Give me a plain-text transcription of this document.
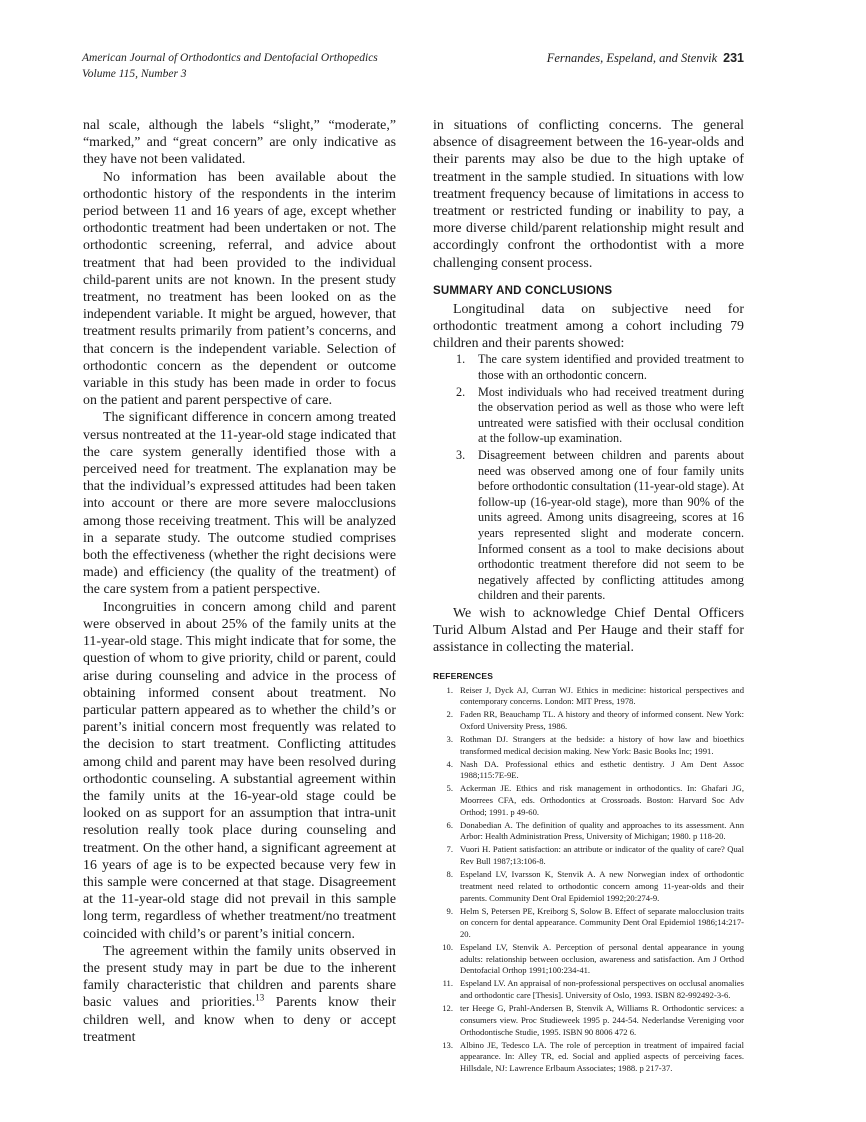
American Journal of Orthodontics and Dentofacial Orthopedics
Volume 115, Number 3
Fernandes, Espeland, and Stenvik 231

nal scale, although the labels “slight,” “moderate,” “marked,” and “great concern” are only indicative as they have not been validated.

No information has been available about the orthodontic history of the respondents in the interim period between 11 and 16 years of age, except whether orthodontic treatment had been undertaken or not. The orthodontic screening, referral, and advice about treatment that had been provided to the individual child-parent units are not known. In the present study treatment, no treatment has been looked on as the independent variable. It might be argued, however, that treatment results primarily from patient’s concerns, and that concern is the independent variable. Selection of orthodontic concern as the dependent or outcome variable in this study has been made in order to focus on the patient and parent perspective of care.

The significant difference in concern among treated versus nontreated at the 11-year-old stage indicated that the care system generally identified those with a perceived need for treatment. The explanation may be that the individual’s expressed attitudes had been taken into account or there are more severe malocclusions among those receiving treatment. This will be analyzed in a separate study. The outcome studied comprises both the effectiveness (whether the right decisions were made) and efficiency (the quality of the treatment) of the care system from a patient perspective.

Incongruities in concern among child and parent were observed in about 25% of the family units at the 11-year-old stage. This might indicate that for some, the question of whom to give priority, child or parent, could arise during counseling and advice in the process of obtaining informed consent about treatment. No particular pattern appeared as to whether the child’s or parent’s initial concern most frequently was related to the decision to start treatment. Conflicting attitudes among child and parent may have been resolved during orthodontic counseling. A substantial agreement within the family units at the 16-year-old stage could be looked on as support for an assumption that intra-unit resolution really took place during counseling and treatment. On the other hand, a significant agreement at 16 years of age is to be expected because very few in this sample were concerned at that stage. Disagreement at the 11-year-old stage did not prevail in this sample long term, regardless of whether treatment/no treatment coincided with child’s or parent’s initial concern.

The agreement within the family units observed in the present study may in part be due to the inherent family characteristic that children and parents share basic values and priorities.$^{13}$ Parents know their children well, and know when to deny or accept treatment

in situations of conflicting concerns. The general absence of disagreement between the 16-year-olds and their parents may also be due to the high uptake of treatment in the sample studied. In situations with low treatment frequency because of limitations in access to treatment or restricted funding or inability to pay, a more diverse child/parent relationship might result and accordingly confront the orthodontist with a more challenging consent process.

SUMMARY AND CONCLUSIONS

Longitudinal data on subjective need for orthodontic treatment among a cohort including 79 children and their parents showed:

1. The care system identified and provided treatment to those with an orthodontic concern.
2. Most individuals who had received treatment during the observation period as well as those who were left untreated were satisfied with their occlusal condition at the follow-up examination.
3. Disagreement between children and parents about need was observed among one of four family units before orthodontic consultation (11-year-old stage). At follow-up (16-year-old stage), more than 90% of the units agreed. Among units disagreeing, scores at 16 years represented slight and moderate concern. Informed consent as a tool to make decisions about orthodontic treatment therefore did not seem to be negatively affected by conflicting attitudes among children and their parents.

We wish to acknowledge Chief Dental Officers Turid Album Alstad and Per Hauge and their staff for assistance in collecting the material.

REFERENCES
1. Reiser J, Dyck AJ, Curran WJ. Ethics in medicine: historical perspectives and contemporary concerns. London: MIT Press, 1978.
2. Faden RR, Beauchamp TL. A history and theory of informed consent. New York: Oxford University Press, 1986.
3. Rothman DJ. Strangers at the bedside: a history of how law and bioethics transformed medical decision making. New York: Basic Books Inc; 1991.
4. Nash DA. Professional ethics and esthetic dentistry. J Am Dent Assoc 1988;115:7E-9E.
5. Ackerman JE. Ethics and risk management in orthodontics. In: Ghafari JG, Moorrees CFA, eds. Orthodontics at Crossroads. Boston: Harvard Soc Adv Orthod; 1991. p 49-60.
6. Donabedian A. The definition of quality and approaches to its assessment. Ann Arbor: Health Administration Press, University of Michigan; 1980. p 118-20.
7. Vuori H. Patient satisfaction: an attribute or indicator of the quality of care? Qual Rev Bull 1987;13:106-8.
8. Espeland LV, Ivarsson K, Stenvik A. A new Norwegian index of orthodontic treatment need related to orthodontic concern among 11-year-olds and their parents. Community Dent Oral Epidemiol 1992;20:274-9.
9. Helm S, Petersen PE, Kreiborg S, Solow B. Effect of separate malocclusion traits on concern for dental appearance. Community Dent Oral Epidemiol 1986;14:217-20.
10. Espeland LV, Stenvik A. Perception of personal dental appearance in young adults: relationship between occlusion, awareness and satisfaction. Am J Orthod Dentofacial Orthop 1991;100:234-41.
11. Espeland LV. An appraisal of non-professional perspectives on occlusal anomalies and orthodontic care [Thesis]. University of Oslo, 1993. ISBN 82-992492-3-6.
12. ter Heege G, Prahl-Andersen B, Stenvik A, Williams R. Orthodontic services: a consumers view. Proc Studieweek 1995 p. 244-54. Nederlandse Vereniging voor Orthodontische Studie, 1995. ISBN 90 8006 472 6.
13. Albino JE, Tedesco LA. The role of perception in treatment of impaired facial appearance. In: Alley TR, ed. Social and applied aspects of perceiving faces. Hillsdale, NJ: Lawrence Erlbaum Associates; 1988. p 217-37.
